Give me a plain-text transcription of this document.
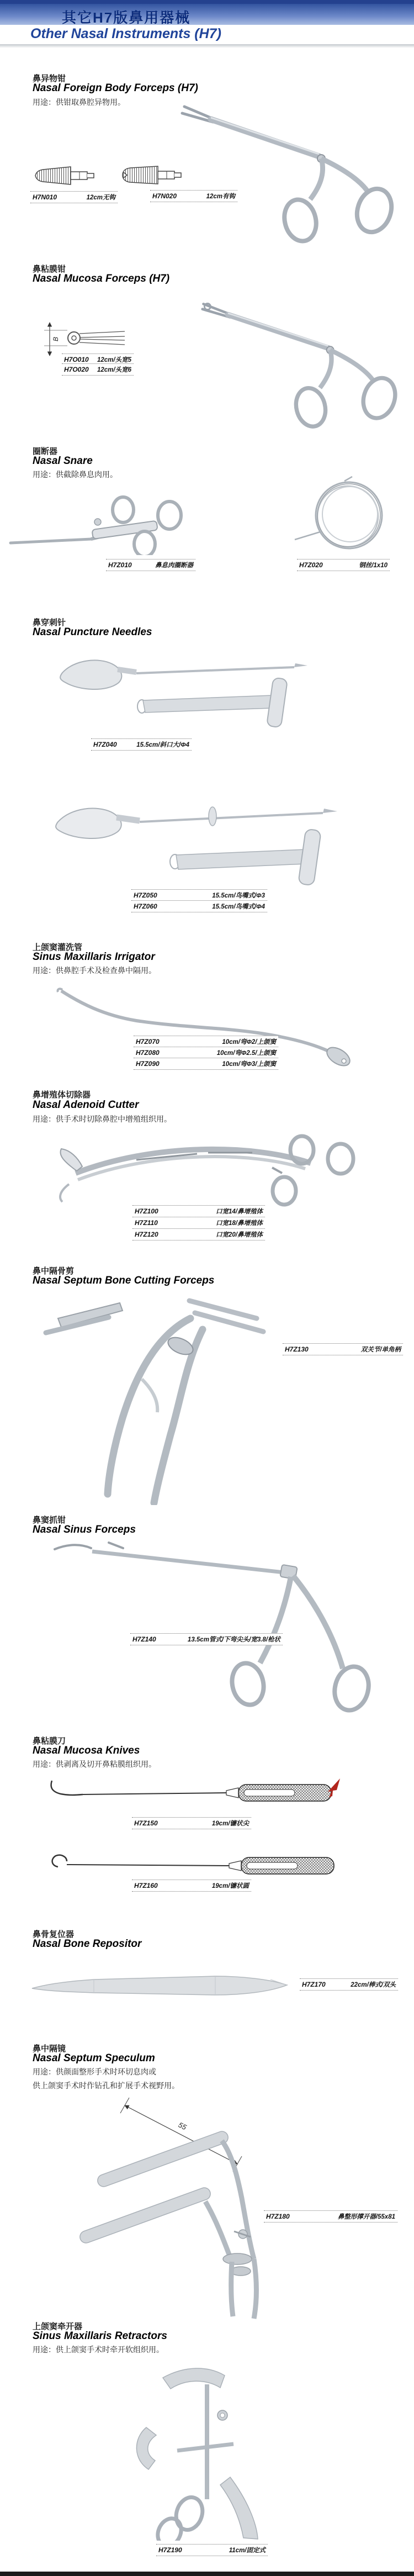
其它H7版鼻用器械
Other Nasal Instruments (H7)
鼻异物钳
Nasal Foreign Body Forceps (H7)
用途：供钳取鼻腔异物用。
H7N010	12cm无钩	H7N020	12cm有钩
鼻粘膜钳
Nasal Mucosa Forceps (H7)
B
H7O010 12cm/头宽5
H7O020 12cm/头宽6
圈断器
Nasal Snare
用途：供截除鼻息肉用。
H7Z010	鼻息肉圈断器	H7Z020	钢丝/1x10
鼻穿刺针
Nasal Puncture Needles
H7Z040	15.5cm/斜口大/Φ4
H7Z050	15.5cm/鸟嘴式/Φ3
H7Z060	15.5cm/鸟嘴式/Φ4
上颌窦灌洗管
Sinus Maxillaris Irrigator
用途：供鼻腔手术及检查鼻中隔用。
H7Z070	10cm/弯Φ2/上颌窦
H7Z080	10cm/弯Φ2.5/上颌窦
H7Z090	10cm/弯Φ3/上颌窦
鼻增殖体切除器
Nasal Adenoid Cutter
用途：供手术时切除鼻腔中增殖组织用。
H7Z100	口宽14/鼻增殖体
H7Z110	口宽18/鼻增殖体
H7Z120	口宽20/鼻增殖体
鼻中隔骨剪
Nasal Septum Bone Cutting Forceps
H7Z130	双关节/单角柄
鼻窦抓钳
Nasal Sinus Forceps
H7Z140	13.5cm管式/下弯尖头/宽3.8/枪状
鼻粘膜刀
Nasal Mucosa Knives
用途：供剥离及切开鼻粘膜组织用。
H7Z150	19cm/镰状尖
H7Z160	19cm/镰状圆
鼻骨复位器
Nasal Bone Repositor
H7Z170	22cm/棒式/双头
鼻中隔镜
Nasal Septum Speculum
用途：供颜面整形手术时环切息肉或
供上颌窦手术时作钻孔和扩展手术视野用。
55
H7Z180	鼻整形撑开器/55x81
上颌窦牵开器
Sinus Maxillaris Retractors
用途：供上颌窦手术时牵开软组织用。
H7Z190	11cm/固定式
